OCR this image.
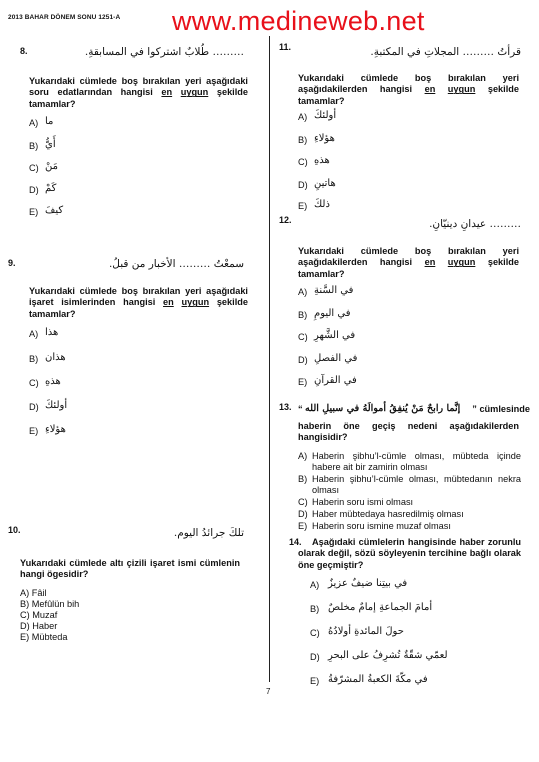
2013 BAHAR DÖNEM SONU 1251-A www.medineweb.net
8.	……… طُلابٌ اشتركوا في المسابقةِ.
Yukarıdaki cümlede boş bırakılan yeri aşağıdaki soru edatlarından hangisi en uygun şekilde tamamlar?
A) ما
B) أَيُّ
C) مَنْ
D) كَمْ
E) كيفَ
9.	سمعْتُ ……… الأخبار من قبلُ.
Yukarıdaki cümlede boş bırakılan yeri aşağıdaki işaret isimlerinden hangisi en uygun şekilde tamamlar?
A) هذا
B) هذان
C) هذهِ
D) أولئكَ
E) هؤلاءِ
10.	تلكَ جرائدُ اليوم.
Yukarıdaki cümlede altı çizili işaret ismi cümlenin hangi ögesidir?
A) Fâil
B) Mefûlün bih
C) Muzaf
D) Haber
E) Mübteda
11.	قرأتُ ……… المجلاتِ في المكتبةِ.
Yukarıdaki cümlede boş bırakılan yeri aşağıdakilerden hangisi en uygun şekilde tamamlar?
A) أولئكَ
B) هؤلاءِ
C) هذهِ
D) هاتينِ
E) ذلكَ
12.	……… عيدانِ دينيّانِ.
Yukarıdaki cümlede boş bırakılan yeri aşağıdakilerden hangisi en uygun şekilde tamamlar?
A) في السَّنةِ
B) في اليومِ
C) في الشَّهرِ
D) في الفصلِ
E) في القرآنِ
13. “ إنَّما رابحٌ مَنْ يُنفِقُ أموالَهُ في سبيلِ الله ” cümlesinde
haberin öne geçiş nedeni aşağıdakilerden hangisidir?
A) Haberin şibhu’l-cümle olması, mübteda içinde habere ait bir zamirin olması
B) Haberin şibhu’l-cümle olması, mübtedanın nekra olması
C) Haberin soru ismi olması
D) Haber mübtedaya hasredilmiş olması
E) Haberin soru ismine muzaf olması
14.	Aşağıdaki cümlelerin hangisinde haber zorunlu olarak değil, sözü söyleyenin tercihine bağlı olarak öne geçmiştir?
A) في بيتِنا ضيفٌ عزيزٌ
B) أمامَ الجماعةِ إمامٌ مخلصٌ
C) حولَ المائدةِ أولادُهُ
D) لعمّي شقّةٌ تُشرِفُ على البحرِ
E) في مكّةَ الكعبةُ المشرّفةُ
7
